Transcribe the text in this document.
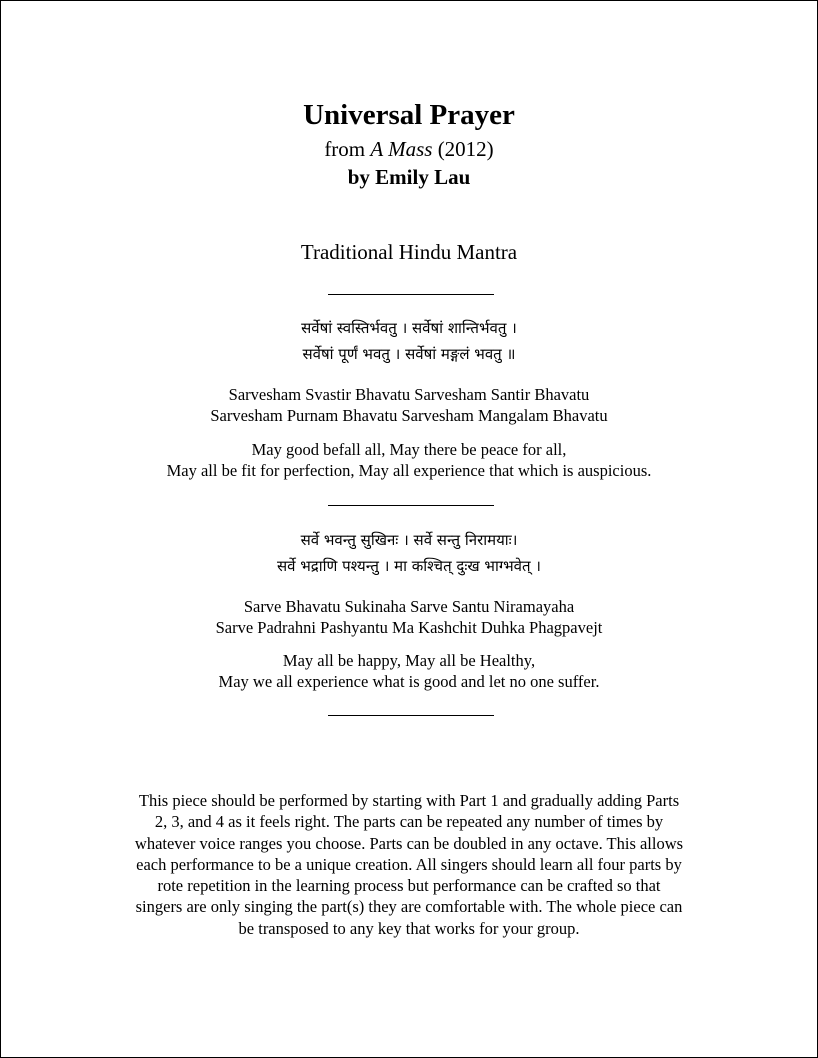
Universal Prayer
from A Mass (2012)
by Emily Lau
Traditional Hindu Mantra
सर्वेषां स्वस्तिर्भवतु । सर्वेषां शान्तिर्भवतु ।
सर्वेषां पूर्णं भवतु । सर्वेषां मङ्गलं भवतु ॥
Sarvesham Svastir Bhavatu Sarvesham Santir Bhavatu
Sarvesham Purnam Bhavatu Sarvesham Mangalam Bhavatu
May good befall all, May there be peace for all,
May all be fit for perfection, May all experience that which is auspicious.
सर्वे भवन्तु सुखिनः । सर्वे सन्तु निरामयाः।
सर्वे भद्राणि पश्यन्तु । मा कश्चित् दुःख भाग्भवेत् ।
Sarve Bhavatu Sukinaha Sarve Santu Niramayaha
Sarve Padrahni Pashyantu Ma Kashchit Duhka Phagpavejt
May all be happy, May all be Healthy,
May we all experience what is good and let no one suffer.
This piece should be performed by starting with Part 1 and gradually adding Parts
2, 3, and 4 as it feels right. The parts can be repeated any number of times by
whatever voice ranges you choose. Parts can be doubled in any octave. This allows
each performance to be a unique creation. All singers should learn all four parts by
rote repetition in the learning process but performance can be crafted so that
singers are only singing the part(s) they are comfortable with. The whole piece can
be transposed to any key that works for your group.
